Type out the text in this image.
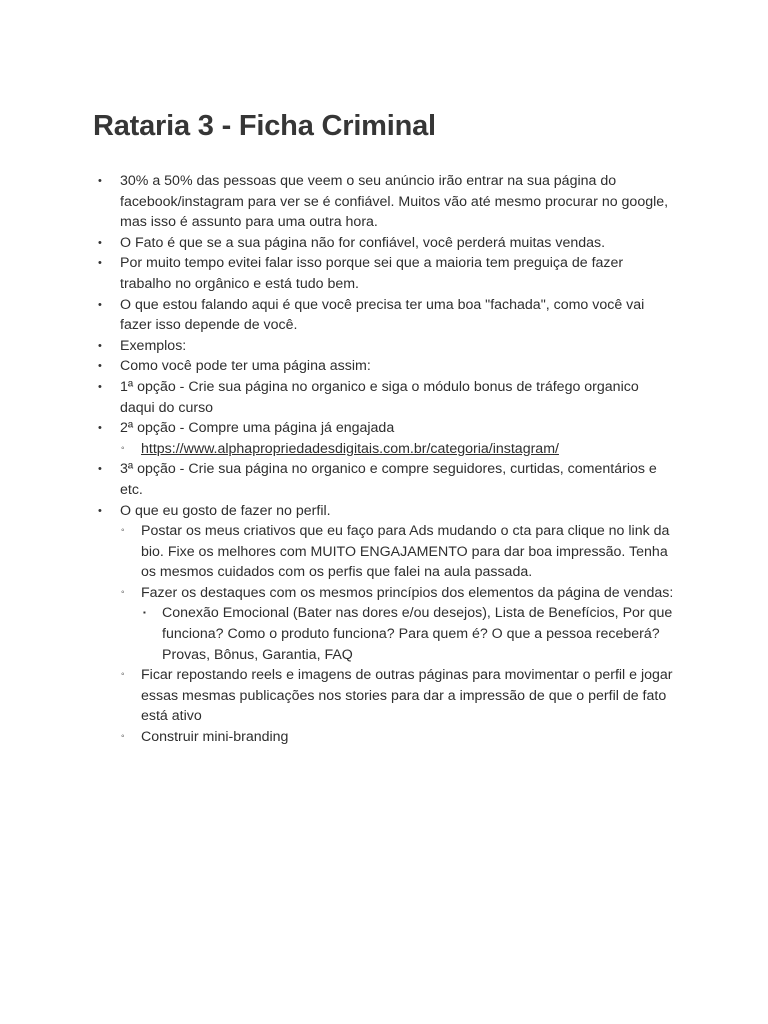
Rataria 3 - Ficha Criminal
• 30% a 50% das pessoas que veem o seu anúncio irão entrar na sua página do facebook/instagram para ver se é confiável. Muitos vão até mesmo procurar no google, mas isso é assunto para uma outra hora.
• O Fato é que se a sua página não for confiável, você perderá muitas vendas.
• Por muito tempo evitei falar isso porque sei que a maioria tem preguiça de fazer trabalho no orgânico e está tudo bem.
• O que estou falando aqui é que você precisa ter uma boa "fachada", como você vai fazer isso depende de você.
• Exemplos:
• Como você pode ter uma página assim:
• 1ª opção - Crie sua página no organico e siga o módulo bonus de tráfego organico daqui do curso
• 2ª opção - Compre uma página já engajada
◦ https://www.alphapropriedadesdigitais.com.br/categoria/instagram/
• 3ª opção - Crie sua página no organico e compre seguidores, curtidas, comentários e etc.
• O que eu gosto de fazer no perfil.
◦ Postar os meus criativos que eu faço para Ads mudando o cta para clique no link da bio. Fixe os melhores com MUITO ENGAJAMENTO para dar boa impressão. Tenha os mesmos cuidados com os perfis que falei na aula passada.
◦ Fazer os destaques com os mesmos princípios dos elementos da página de vendas:
▪ Conexão Emocional (Bater nas dores e/ou desejos), Lista de Benefícios, Por que funciona? Como o produto funciona? Para quem é? O que a pessoa receberá? Provas, Bônus, Garantia, FAQ
◦ Ficar repostando reels e imagens de outras páginas para movimentar o perfil e jogar essas mesmas publicações nos stories para dar a impressão de que o perfil de fato está ativo
◦ Construir mini-branding
